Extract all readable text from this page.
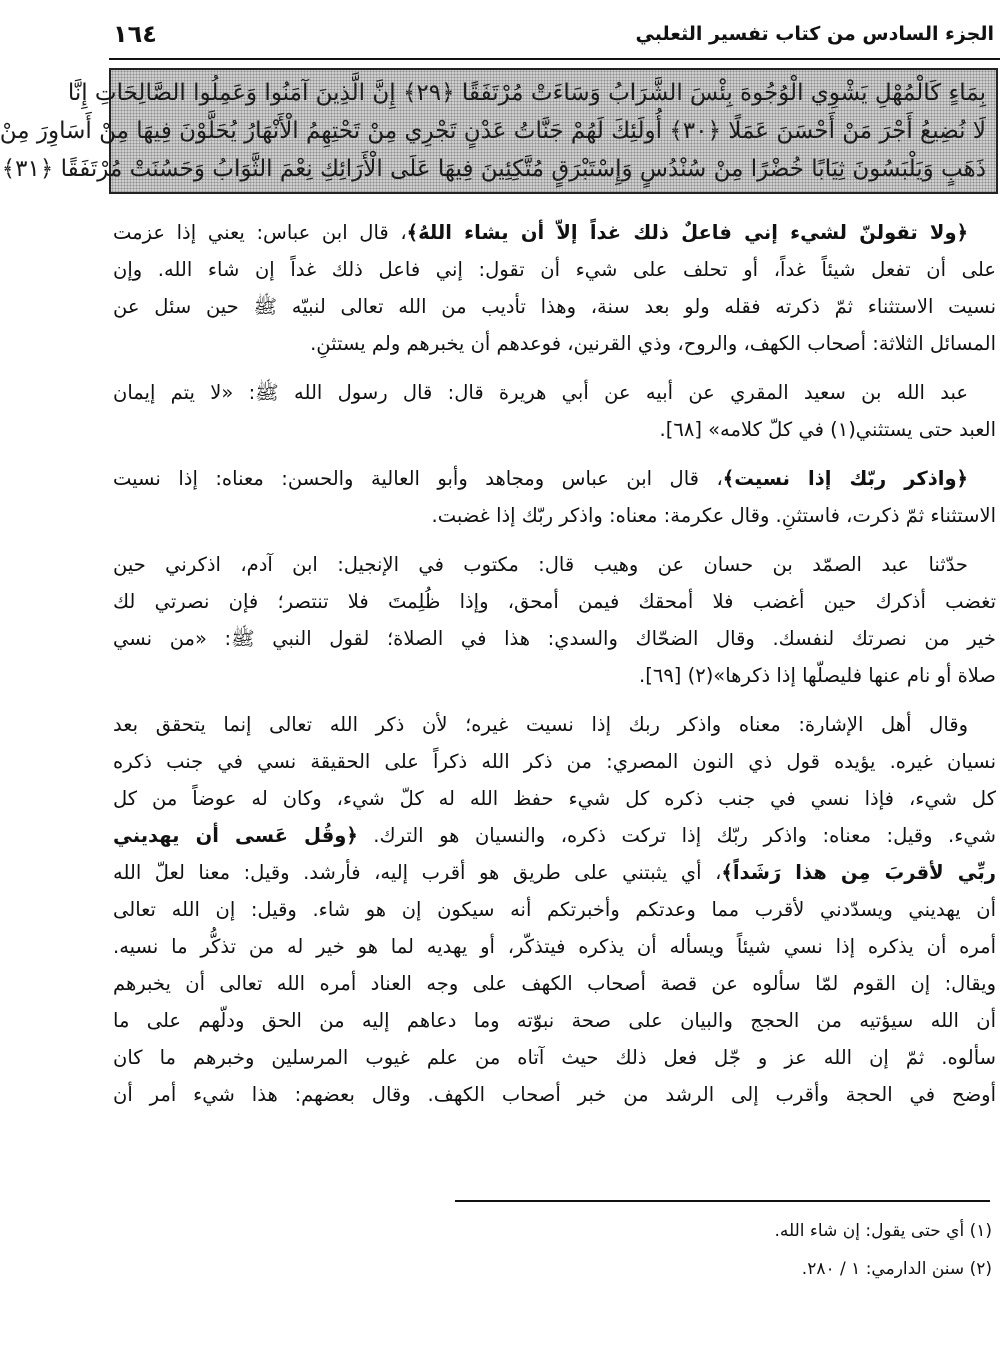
الجزء السادس من كتاب تفسير الثعلبي
١٦٤
بِمَاءٍ كَالْمُهْلِ يَشْوِي الْوُجُوهَ بِئْسَ الشَّرَابُ وَسَاءَتْ مُرْتَفَقًا ﴿٢٩﴾ إِنَّ الَّذِينَ آمَنُوا وَعَمِلُوا الصَّالِحَاتِ إِنَّا
لَا نُضِيعُ أَجْرَ مَنْ أَحْسَنَ عَمَلًا ﴿٣٠﴾ أُولَئِكَ لَهُمْ جَنَّاتُ عَدْنٍ تَجْرِي مِنْ تَحْتِهِمُ الْأَنْهَارُ يُحَلَّوْنَ فِيهَا مِنْ أَسَاوِرَ مِنْ
ذَهَبٍ وَيَلْبَسُونَ ثِيَابًا خُضْرًا مِنْ سُنْدُسٍ وَإِسْتَبْرَقٍ مُتَّكِئِينَ فِيهَا عَلَى الْأَرَائِكِ نِعْمَ الثَّوَابُ وَحَسُنَتْ مُرْتَفَقًا ﴿٣١﴾
﴿ولا تقولنّ لشيء إني فاعلٌ ذلك غداً إلاّ أن يشاء اللهُ﴾، قال ابن عباس: يعني إذا عزمت
على أن تفعل شيئاً غداً، أو تحلف على شيء أن تقول: إني فاعل ذلك غداً إن شاء الله. وإن
نسيت الاستثناء ثمّ ذكرته فقله ولو بعد سنة، وهذا تأديب من الله تعالى لنبيّه ﷺ حين سئل عن
المسائل الثلاثة: أصحاب الكهف، والروح، وذي القرنين، فوعدهم أن يخبرهم ولم يستثنِ.
عبد الله بن سعيد المقري عن أبيه عن أبي هريرة قال: قال رسول الله ﷺ: «لا يتم إيمان
العبد حتى يستثني(١) في كلّ كلامه» [٦٨].
﴿واذكر ربّك إذا نسيت﴾، قال ابن عباس ومجاهد وأبو العالية والحسن: معناه: إذا نسيت
الاستثناء ثمّ ذكرت، فاستثنِ. وقال عكرمة: معناه: واذكر ربّك إذا غضبت.
حدّثنا عبد الصمّد بن حسان عن وهيب قال: مكتوب في الإنجيل: ابن آدم، اذكرني حين
تغضب أذكرك حين أغضب فلا أمحقك فيمن أمحق، وإذا ظُلِمتَ فلا تنتصر؛ فإن نصرتي لك
خير من نصرتك لنفسك. وقال الضحّاك والسدي: هذا في الصلاة؛ لقول النبي ﷺ: «من نسي
صلاة أو نام عنها فليصلّها إذا ذكرها»(٢) [٦٩].
وقال أهل الإشارة: معناه واذكر ربك إذا نسيت غيره؛ لأن ذكر الله تعالى إنما يتحقق بعد
نسيان غيره. يؤيده قول ذي النون المصري: من ذكر الله ذكراً على الحقيقة نسي في جنب ذكره
كل شيء، فإذا نسي في جنب ذكره كل شيء حفظ الله له كلّ شيء، وكان له عوضاً من كل
شيء. وقيل: معناه: واذكر ربّك إذا تركت ذكره، والنسيان هو الترك. ﴿وقُل عَسى أن يهديني
ربِّي لأقربَ مِن هذا رَشَداً﴾، أي يثبتني على طريق هو أقرب إليه، فأرشد. وقيل: معنا لعلّ الله
أن يهديني ويسدّدني لأقرب مما وعدتكم وأخبرتكم أنه سيكون إن هو شاء. وقيل: إن الله تعالى
أمره أن يذكره إذا نسي شيئاً ويسأله أن يذكره فيتذكّر، أو يهديه لما هو خير له من تذكُّر ما نسيه.
ويقال: إن القوم لمّا سألوه عن قصة أصحاب الكهف على وجه العناد أمره الله تعالى أن يخبرهم
أن الله سيؤتيه من الحجج والبيان على صحة نبوّته وما دعاهم إليه من الحق ودلّهم على ما
سألوه. ثمّ إن الله عز و جّل فعل ذلك حيث آتاه من علم غيوب المرسلين وخبرهم ما كان
أوضح في الحجة وأقرب إلى الرشد من خبر أصحاب الكهف. وقال بعضهم: هذا شيء أمر أن
(١) أي حتى يقول: إن شاء الله.
(٢) سنن الدارمي: ١ / ٢٨٠.
